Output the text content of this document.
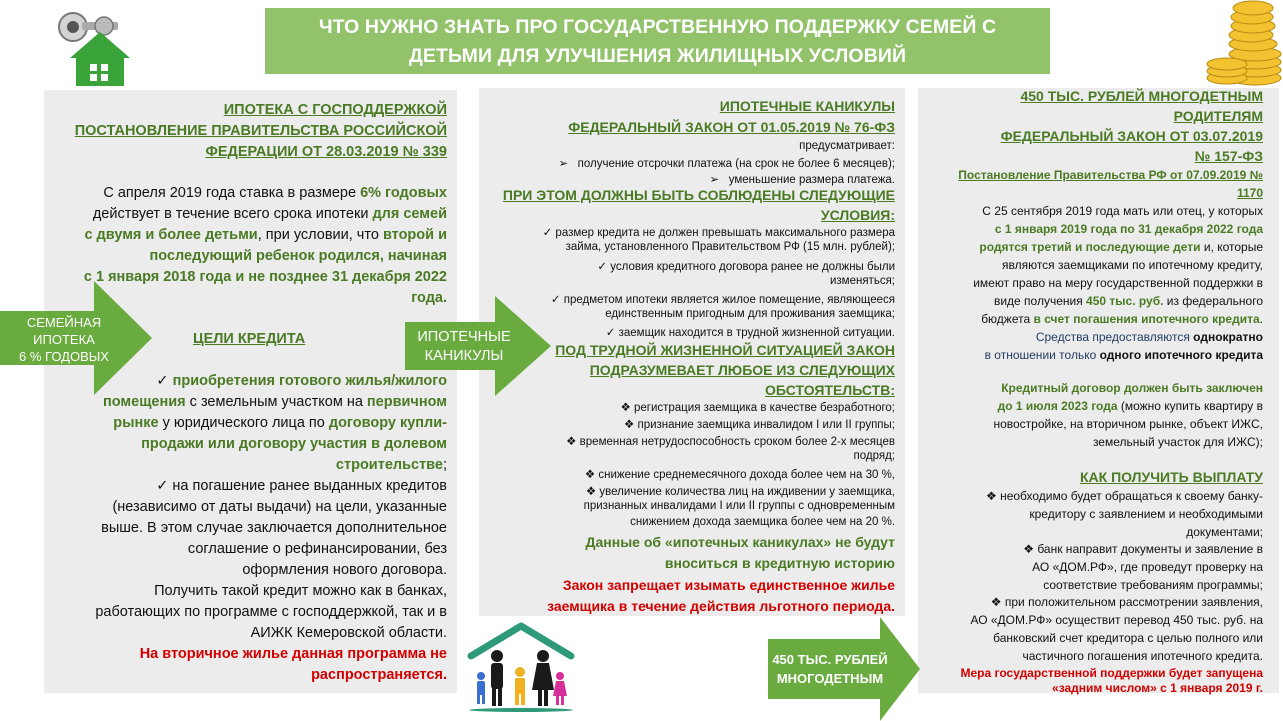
ЧТО НУЖНО ЗНАТЬ ПРО ГОСУДАРСТВЕННУЮ ПОДДЕРЖКУ СЕМЕЙ С
ДЕТЬМИ ДЛЯ УЛУЧШЕНИЯ ЖИЛИЩНЫХ УСЛОВИЙ
ИПОТЕКА С ГОСПОДДЕРЖКОЙ
ПОСТАНОВЛЕНИЕ ПРАВИТЕЛЬСТВА РОССИЙСКОЙ
ФЕДЕРАЦИИ ОТ 28.03.2019 № 339
С апреля 2019 года ставка в размере 6% годовых
действует в течение всего срока ипотеки для семей
с двумя и более детьми, при условии, что второй и
последующий ребенок родился, начиная
с 1 января 2018 года и не позднее 31 декабря 2022
года.
ЦЕЛИ КРЕДИТА
✓ приобретения готового жилья/жилого
помещения с земельным участком на первичном
рынке у юридического лица по договору купли-
продажи или договору участия в долевом
строительстве;
✓ на погашение ранее выданных кредитов
(независимо от даты выдачи) на цели, указанные
выше. В этом случае заключается дополнительное
соглашение о рефинансировании, без
оформления нового договора.
Получить такой кредит можно как в банках,
работающих по программе с господдержкой, так и в
АИЖК Кемеровской области.
На вторичное жилье данная программа не
распространяется.
ИПОТЕЧНЫЕ КАНИКУЛЫ
ФЕДЕРАЛЬНЫЙ ЗАКОН ОТ 01.05.2019 № 76-ФЗ
предусматривает:
➢   получение отсрочки платежа (на срок не более 6 месяцев);
➢   уменьшение размера платежа.
ПРИ ЭТОМ ДОЛЖНЫ БЫТЬ СОБЛЮДЕНЫ СЛЕДУЮЩИЕ
УСЛОВИЯ:
✓ размер кредита не должен превышать максимального размера
займа, установленного Правительством РФ (15 млн. рублей);
✓ условия кредитного договора ранее не должны были
изменяться;
✓ предметом ипотеки является жилое помещение, являющееся
единственным пригодным для проживания заемщика;
✓ заемщик находится в трудной жизненной ситуации.
ПОД ТРУДНОЙ ЖИЗНЕННОЙ СИТУАЦИЕЙ ЗАКОН
ПОДРАЗУМЕВАЕТ ЛЮБОЕ ИЗ СЛЕДУЮЩИХ
ОБСТОЯТЕЛЬСТВ:
❖ регистрация заемщика в качестве безработного;
❖ признание заемщика инвалидом I или II группы;
❖ временная нетрудоспособность сроком более 2-х месяцев
подряд;
❖ снижение среднемесячного дохода более чем на 30 %,
❖ увеличение количества лиц на иждивении у заемщика,
признанных инвалидами I или II группы с одновременным
снижением дохода заемщика более чем на 20 %.
Данные об «ипотечных каникулах» не будут
вноситься в кредитную историю
Закон запрещает изымать единственное жилье
заемщика в течение действия льготного периода.
450 ТЫС. РУБЛЕЙ МНОГОДЕТНЫМ
РОДИТЕЛЯМ
ФЕДЕРАЛЬНЫЙ ЗАКОН ОТ 03.07.2019
№ 157-ФЗ
Постановление Правительства РФ от 07.09.2019 №
1170
С 25 сентября 2019 года мать или отец, у которых
с 1 января 2019 года по 31 декабря 2022 года
родятся третий и последующие дети и, которые
являются заемщиками по ипотечному кредиту,
имеют право на меру государственной поддержки в
виде получения 450 тыс. руб. из федерального
бюджета в счет погашения ипотечного кредита.
Средства предоставляются однократно
в отношении только одного ипотечного кредита
Кредитный договор должен быть заключен
до 1 июля 2023 года (можно купить квартиру в
новостройке, на вторичном рынке, объект ИЖС,
земельный участок для ИЖС);
КАК ПОЛУЧИТЬ ВЫПЛАТУ
❖ необходимо будет обращаться к своему банку-
кредитору с заявлением и необходимыми
документами;
❖ банк направит документы и заявление в
АО «ДОМ.РФ», где проведут проверку на
соответствие требованиям программы;
❖ при положительном рассмотрении заявления,
АО «ДОМ.РФ» осуществит перевод 450 тыс. руб. на
банковский счет кредитора с целью полного или
частичного погашения ипотечного кредита.
Мера государственной поддержки будет запущена
«задним числом» с 1 января 2019 г.
СЕМЕЙНАЯ
ИПОТЕКА
6 % ГОДОВЫХ
ИПОТЕЧНЫЕ
КАНИКУЛЫ
450 ТЫС. РУБЛЕЙ
МНОГОДЕТНЫМ
